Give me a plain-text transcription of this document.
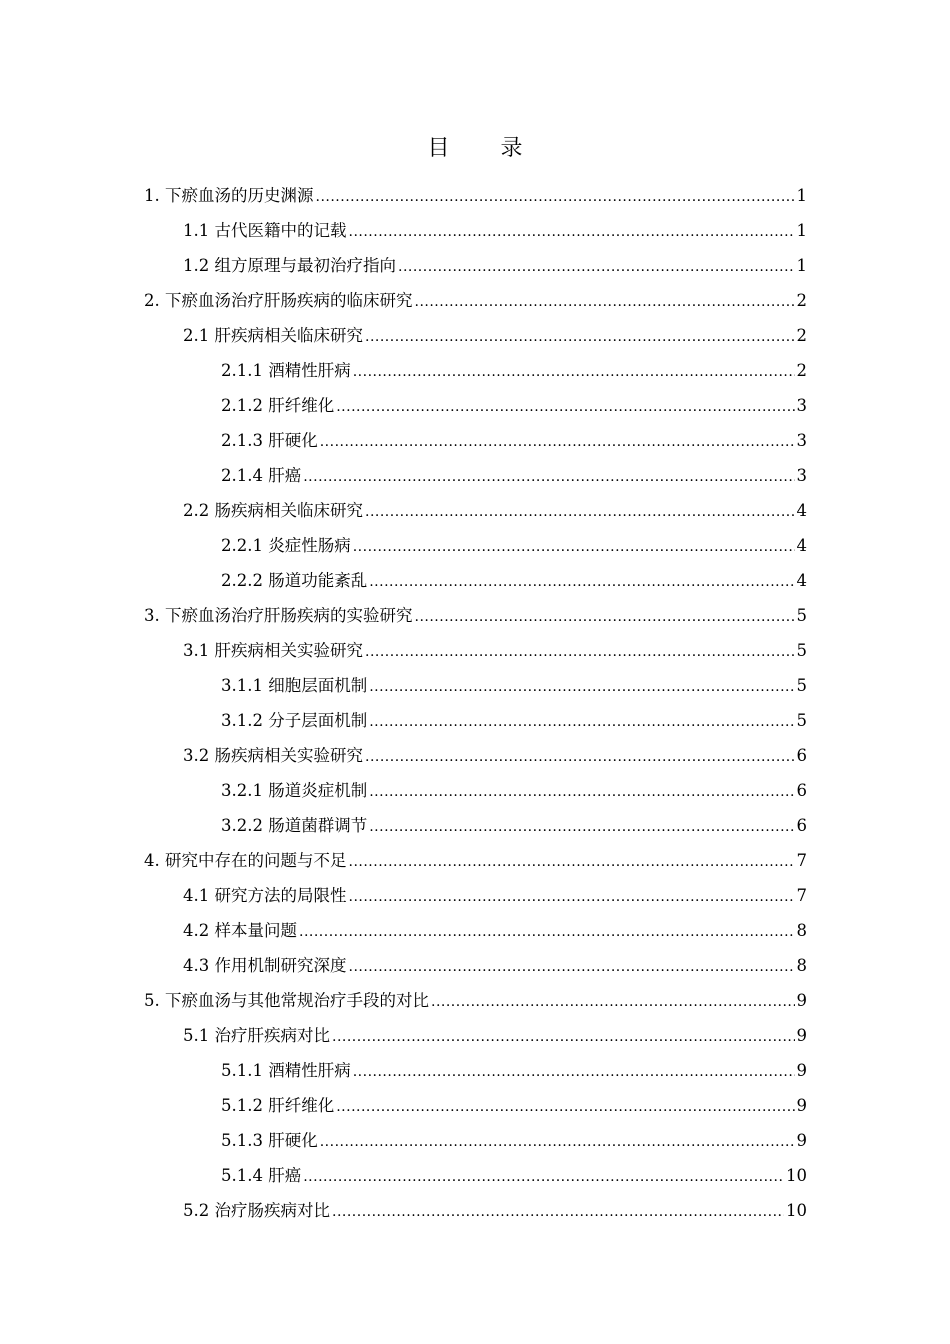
目 录
1. 下瘀血汤的历史渊源 .....	1
1.1 古代医籍中的记载 .....	1
1.2 组方原理与最初治疗指向 .....	1
2. 下瘀血汤治疗肝肠疾病的临床研究 .....	2
2.1 肝疾病相关临床研究 .....	2
2.1.1 酒精性肝病 .....	2
2.1.2 肝纤维化 .....	3
2.1.3 肝硬化 .....	3
2.1.4 肝癌 .....	3
2.2 肠疾病相关临床研究 .....	4
2.2.1 炎症性肠病 .....	4
2.2.2 肠道功能紊乱 .....	4
3. 下瘀血汤治疗肝肠疾病的实验研究 .....	5
3.1 肝疾病相关实验研究 .....	5
3.1.1 细胞层面机制 .....	5
3.1.2 分子层面机制 .....	5
3.2 肠疾病相关实验研究 .....	6
3.2.1 肠道炎症机制 .....	6
3.2.2 肠道菌群调节 .....	6
4. 研究中存在的问题与不足 .....	7
4.1 研究方法的局限性 .....	7
4.2 样本量问题 .....	8
4.3 作用机制研究深度 .....	8
5. 下瘀血汤与其他常规治疗手段的对比 .....	9
5.1 治疗肝疾病对比 .....	9
5.1.1 酒精性肝病 .....	9
5.1.2 肝纤维化 .....	9
5.1.3 肝硬化 .....	9
5.1.4 肝癌 .....	10
5.2 治疗肠疾病对比 .....	10
